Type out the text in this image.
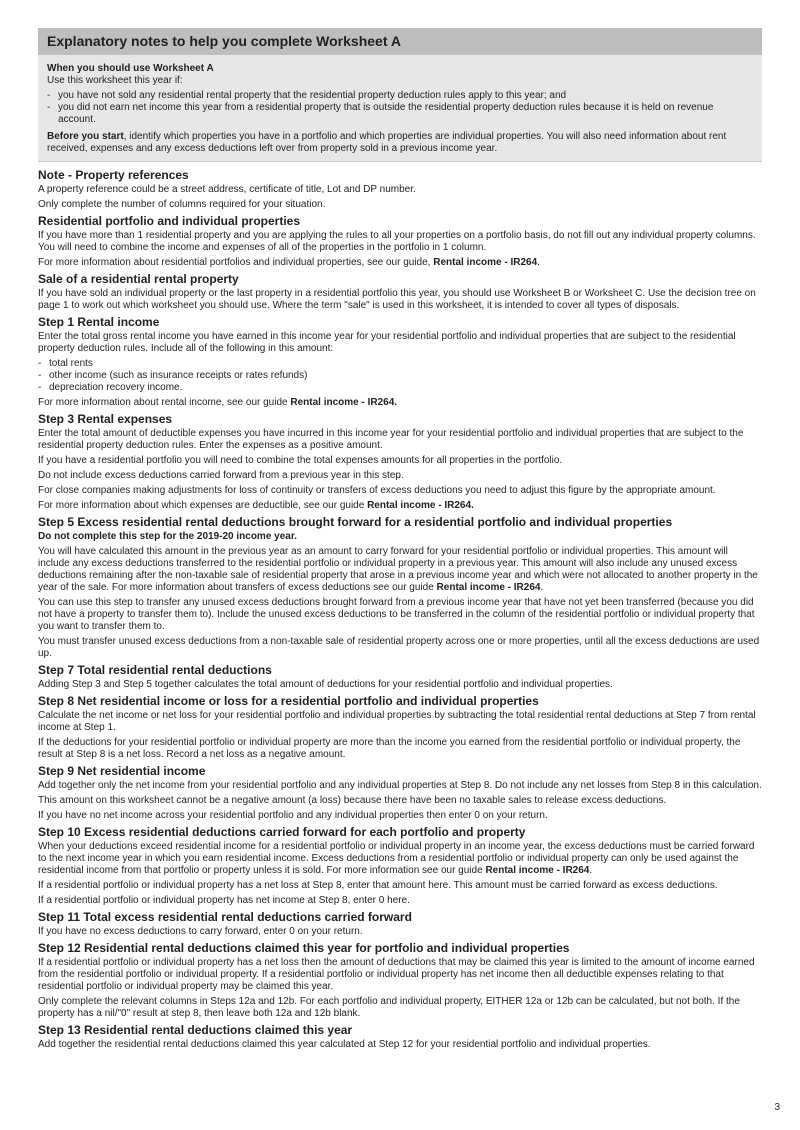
Explanatory notes to help you complete Worksheet A
When you should use Worksheet A

Use this worksheet this year if:

- you have not sold any residential rental property that the residential property deduction rules apply to this year; and
- you did not earn net income this year from a residential property that is outside the residential property deduction rules because it is held on revenue account.

Before you start, identify which properties you have in a portfolio and which properties are individual properties. You will also need information about rent received, expenses and any excess deductions left over from property sold in a previous income year.

Note - Property references

A property reference could be a street address, certificate of title, Lot and DP number.

Only complete the number of columns required for your situation.

Residential portfolio and individual properties

If you have more than 1 residential property and you are applying the rules to all your properties on a portfolio basis, do not fill out any individual property columns. You will need to combine the income and expenses of all of the properties in the portfolio in 1 column.

For more information about residential portfolios and individual properties, see our guide, Rental income - IR264.

Sale of a residential rental property

If you have sold an individual property or the last property in a residential portfolio this year, you should use Worksheet B or Worksheet C. Use the decision tree on page 1 to work out which worksheet you should use. Where the term "sale" is used in this worksheet, it is intended to cover all types of disposals.

Step 1 Rental income

Enter the total gross rental income you have earned in this income year for your residential portfolio and individual properties that are subject to the residential property deduction rules. Include all of the following in this amount:

- total rents
- other income (such as insurance receipts or rates refunds)
- depreciation recovery income.

For more information about rental income, see our guide Rental income - IR264.

Step 3 Rental expenses

Enter the total amount of deductible expenses you have incurred in this income year for your residential portfolio and individual properties that are subject to the residential property deduction rules. Enter the expenses as a positive amount.

If you have a residential portfolio you will need to combine the total expenses amounts for all properties in the portfolio.

Do not include excess deductions carried forward from a previous year in this step.

For close companies making adjustments for loss of continuity or transfers of excess deductions you need to adjust this figure by the appropriate amount.

For more information about which expenses are deductible, see our guide Rental income - IR264.

Step 5 Excess residential rental deductions brought forward for a residential portfolio and individual properties

Do not complete this step for the 2019-20 income year.

You will have calculated this amount in the previous year as an amount to carry forward for your residential portfolio or individual properties. This amount will include any excess deductions transferred to the residential portfolio or individual property in a previous year. This amount will also include any unused excess deductions remaining after the non-taxable sale of residential property that arose in a previous income year and which were not allocated to another property in the year of the sale. For more information about transfers of excess deductions see our guide Rental income - IR264.

You can use this step to transfer any unused excess deductions brought forward from a previous income year that have not yet been transferred (because you did not have a property to transfer them to). Include the unused excess deductions to be transferred in the column of the residential portfolio or individual property that you want to transfer them to.

You must transfer unused excess deductions from a non-taxable sale of residential property across one or more properties, until all the excess deductions are used up.

Step 7 Total residential rental deductions

Adding Step 3 and Step 5 together calculates the total amount of deductions for your residential portfolio and individual properties.

Step 8 Net residential income or loss for a residential portfolio and individual properties

Calculate the net income or net loss for your residential portfolio and individual properties by subtracting the total residential rental deductions at Step 7 from rental income at Step 1.

If the deductions for your residential portfolio or individual property are more than the income you earned from the residential portfolio or individual property, the result at Step 8 is a net loss. Record a net loss as a negative amount.

Step 9 Net residential income

Add together only the net income from your residential portfolio and any individual properties at Step 8. Do not include any net losses from Step 8 in this calculation.

This amount on this worksheet cannot be a negative amount (a loss) because there have been no taxable sales to release excess deductions.

If you have no net income across your residential portfolio and any individual properties then enter 0 on your return.

Step 10 Excess residential deductions carried forward for each portfolio and property

When your deductions exceed residential income for a residential portfolio or individual property in an income year, the excess deductions must be carried forward to the next income year in which you earn residential income. Excess deductions from a residential portfolio or individual property can only be used against the residential income from that portfolio or property unless it is sold. For more information see our guide Rental income - IR264.

If a residential portfolio or individual property has a net loss at Step 8, enter that amount here. This amount must be carried forward as excess deductions.

If a residential portfolio or individual property has net income at Step 8, enter 0 here.

Step 11 Total excess residential rental deductions carried forward

If you have no excess deductions to carry forward, enter 0 on your return.

Step 12 Residential rental deductions claimed this year for portfolio and individual properties

If a residential portfolio or individual property has a net loss then the amount of deductions that may be claimed this year is limited to the amount of income earned from the residential portfolio or individual property. If a residential portfolio or individual property has net income then all deductible expenses relating to that residential portfolio or individual property may be claimed this year.

Only complete the relevant columns in Steps 12a and 12b. For each portfolio and individual property, EITHER 12a or 12b can be calculated, but not both. If the property has a nil/"0" result at step 8, then leave both 12a and 12b blank.

Step 13 Residential rental deductions claimed this year

Add together the residential rental deductions claimed this year calculated at Step 12 for your residential portfolio and individual properties.

3
